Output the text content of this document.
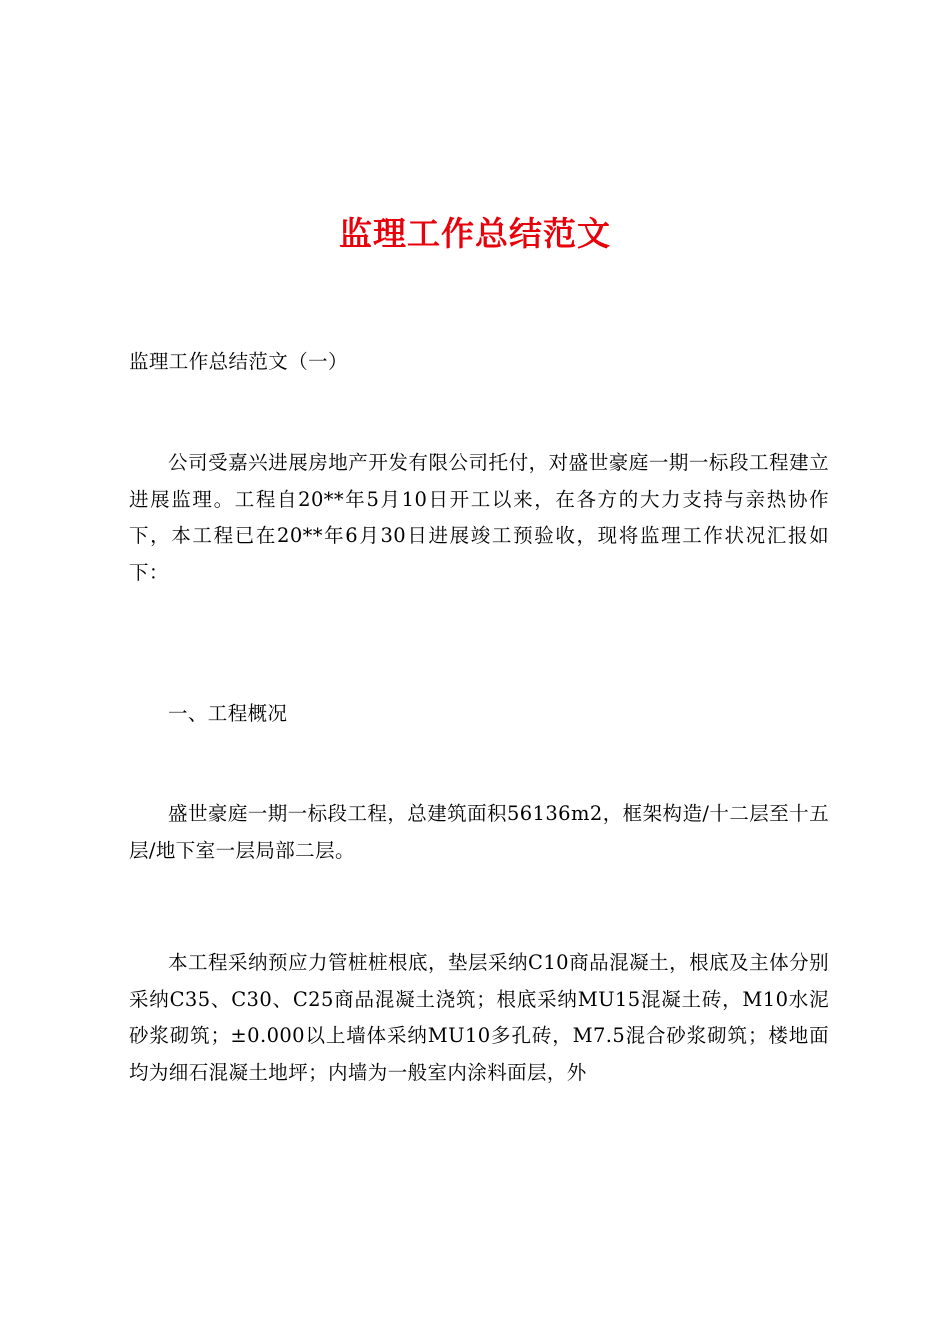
监理工作总结范文
监理工作总结范文（一）

公司受嘉兴进展房地产开发有限公司托付，对盛世豪庭一期一标段工程建立进展监理。工程自20**年5月10日开工以来，在各方的大力支持与亲热协作下，本工程已在20**年6月30日进展竣工预验收，现将监理工作状况汇报如下：

一、工程概况

盛世豪庭一期一标段工程，总建筑面积56136m2，框架构造/十二层至十五层/地下室一层局部二层。

本工程采纳预应力管桩桩根底，垫层采纳C10商品混凝土，根底及主体分别采纳C35、C30、C25商品混凝土浇筑；根底采纳MU15混凝土砖，M10水泥砂浆砌筑；±0.000以上墙体采纳MU10多孔砖，M7.5混合砂浆砌筑；楼地面均为细石混凝土地坪；内墙为一般室内涂料面层，外
